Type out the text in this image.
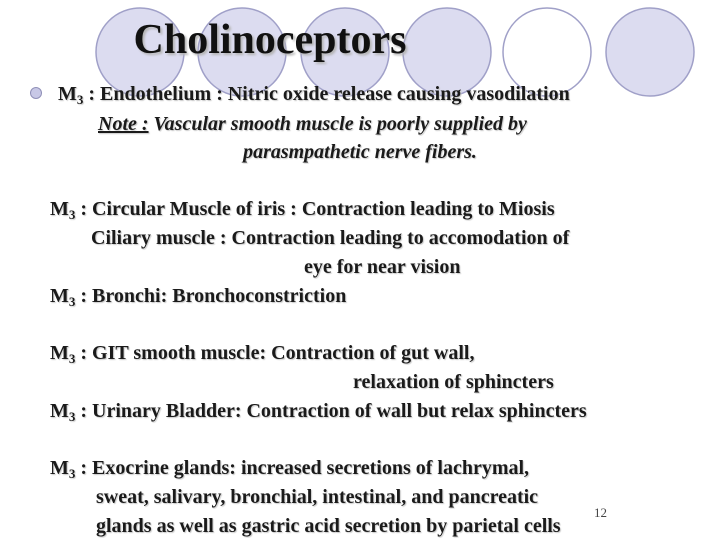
Cholinoceptors
$M_3$ : Endothelium : Nitric oxide release causing vasodilation
Note : Vascular smooth muscle is poorly supplied by
parasmpathetic nerve fibers.
$M_3$ : Circular Muscle of iris : Contraction leading to Miosis
Ciliary muscle : Contraction leading to accomodation of
eye for near vision
$M_3$ : Bronchi: Bronchoconstriction
$M_3$ : GIT smooth muscle: Contraction of gut wall,
relaxation of sphincters
$M_3$ : Urinary Bladder: Contraction of wall but relax sphincters
$M_3$ : Exocrine glands: increased secretions of lachrymal,
sweat, salivary, bronchial, intestinal, and pancreatic
glands as well as gastric acid secretion by parietal cells
12
